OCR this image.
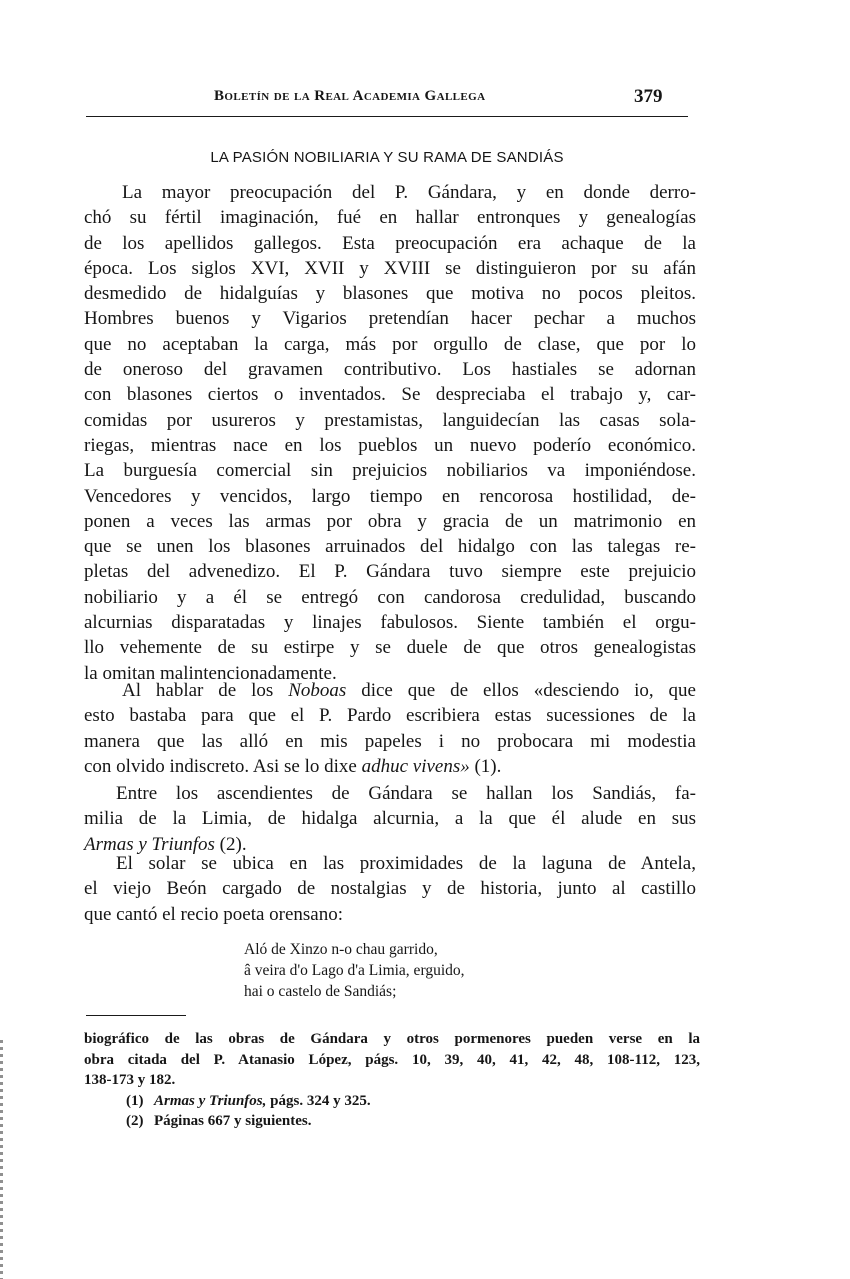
Boletín de la Real Academia Gallega	379
LA PASIÓN NOBILIARIA Y SU RAMA DE SANDIÁS
La mayor preocupación del P. Gándara, y en donde derro-
chó su fértil imaginación, fué en hallar entronques y genealogías
de los apellidos gallegos. Esta preocupación era achaque de la
época. Los siglos XVI, XVII y XVIII se distinguieron por su afán
desmedido de hidalguías y blasones que motiva no pocos pleitos.
Hombres buenos y Vigarios pretendían hacer pechar a muchos
que no aceptaban la carga, más por orgullo de clase, que por lo
de oneroso del gravamen contributivo. Los hastiales se adornan
con blasones ciertos o inventados. Se despreciaba el trabajo y, car-
comidas por usureros y prestamistas, languidecían las casas sola-
riegas, mientras nace en los pueblos un nuevo poderío económico.
La burguesía comercial sin prejuicios nobiliarios va imponiéndose.
Vencedores y vencidos, largo tiempo en rencorosa hostilidad, de-
ponen a veces las armas por obra y gracia de un matrimonio en
que se unen los blasones arruinados del hidalgo con las talegas re-
pletas del advenedizo. El P. Gándara tuvo siempre este prejuicio
nobiliario y a él se entregó con candorosa credulidad, buscando
alcurnias disparatadas y linajes fabulosos. Siente también el orgu-
llo vehemente de su estirpe y se duele de que otros genealogistas
la omitan malintencionadamente.
Al hablar de los Noboas dice que de ellos «desciendo io, que
esto bastaba para que el P. Pardo escribiera estas sucessiones de la
manera que las alló en mis papeles i no probocara mi modestia
con olvido indiscreto. Asi se lo dixe adhuc vivens» (1).
Entre los ascendientes de Gándara se hallan los Sandiás, fa-
milia de la Limia, de hidalga alcurnia, a la que él alude en sus
Armas y Triunfos (2).
El solar se ubica en las proximidades de la laguna de Antela,
el viejo Beón cargado de nostalgias y de historia, junto al castillo
que cantó el recio poeta orensano:
Aló de Xinzo n-o chau garrido,
â veira d'o Lago d'a Limia, erguido,
hai o castelo de Sandiás;
biográfico de las obras de Gándara y otros pormenores pueden verse en la
obra citada del P. Atanasio López, págs. 10, 39, 40, 41, 42, 48, 108-112, 123,
138-173 y 182.
(1) Armas y Triunfos, págs. 324 y 325.
(2) Páginas 667 y siguientes.
